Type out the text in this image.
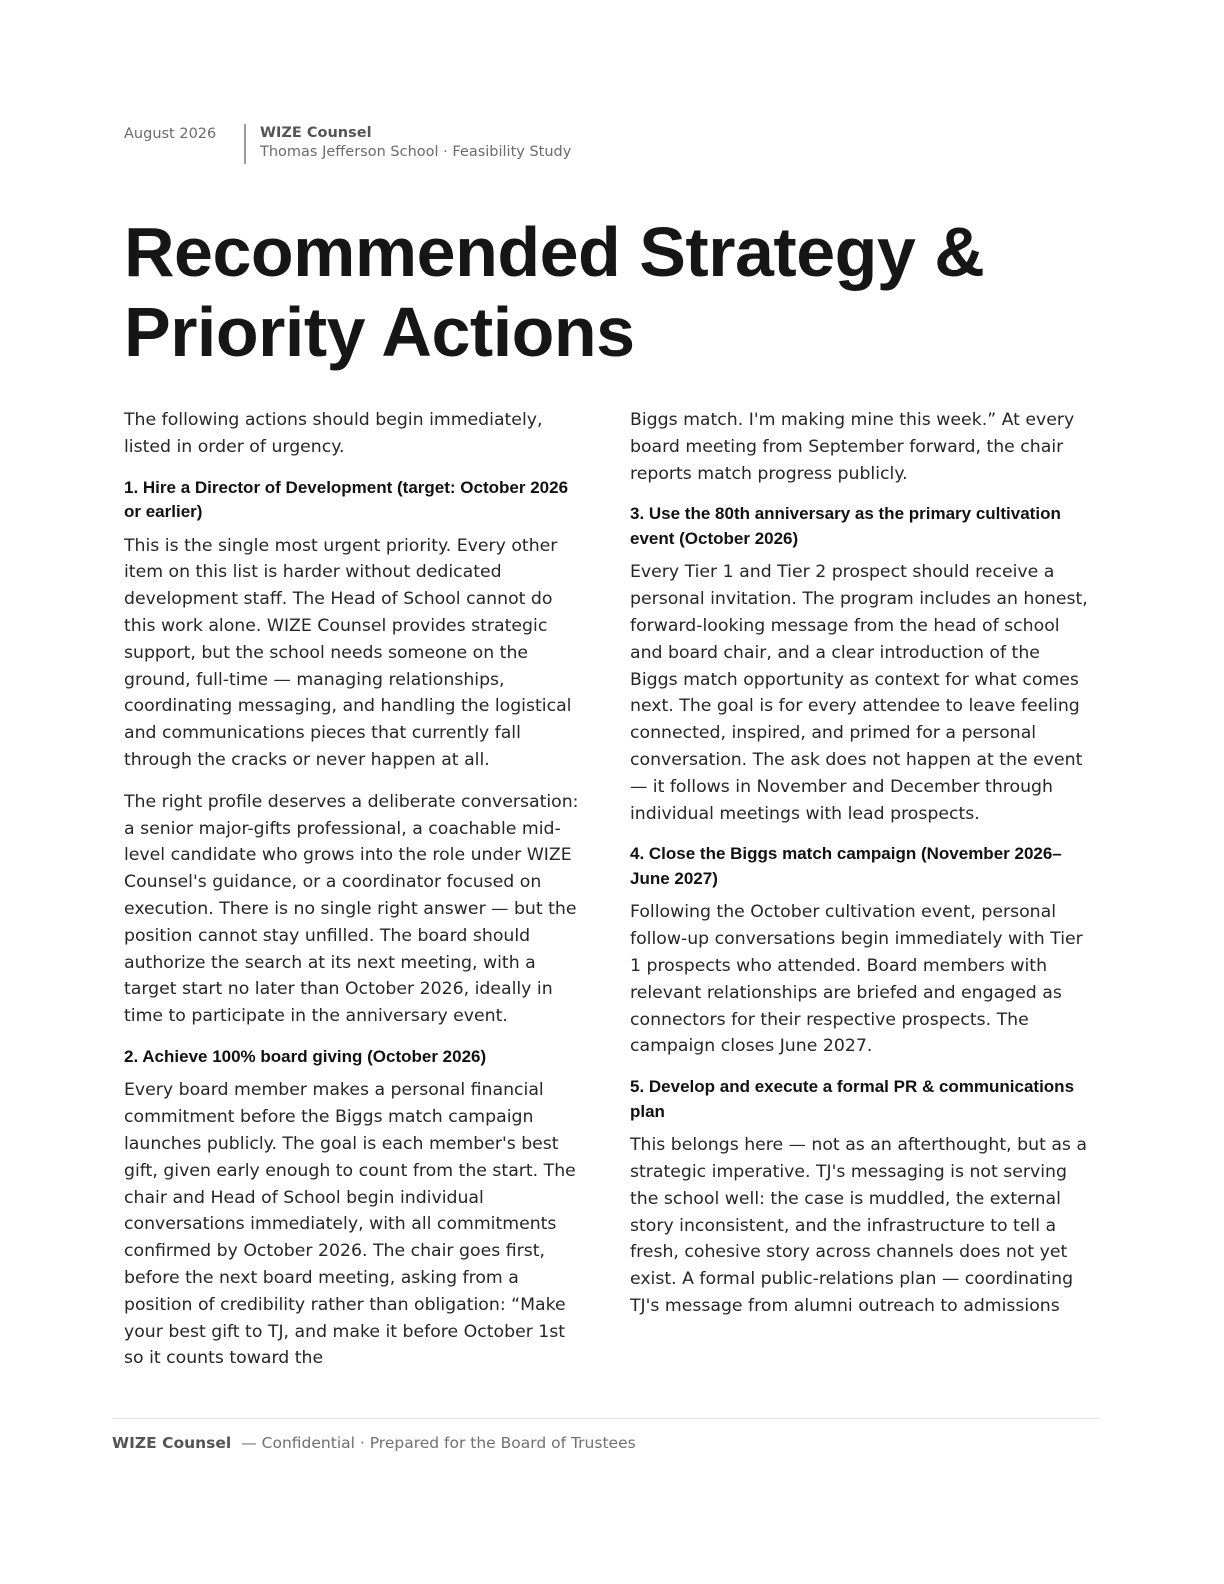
August 2026	WIZE Counsel
Thomas Jefferson School · Feasibility Study
Recommended Strategy & Priority Actions

The following actions should begin immediately, listed in order of urgency.

1. Hire a Director of Development (target: October 2026 or earlier)

This is the single most urgent priority. Every other item on this list is harder without dedicated development staff. The Head of School cannot do this work alone. WIZE Counsel provides strategic support, but the school needs someone on the ground, full-time — managing relationships, coordinating messaging, and handling the logistical and communications pieces that currently fall through the cracks or never happen at all.

The right profile deserves a deliberate conversation: a senior major-gifts professional, a coachable mid-level candidate who grows into the role under WIZE Counsel's guidance, or a coordinator focused on execution. There is no single right answer — but the position cannot stay unfilled. The board should authorize the search at its next meeting, with a target start no later than October 2026, ideally in time to participate in the anniversary event.

2. Achieve 100% board giving (October 2026)

Every board member makes a personal financial commitment before the Biggs match campaign launches publicly. The goal is each member's best gift, given early enough to count from the start. The chair and Head of School begin individual conversations immediately, with all commitments confirmed by October 2026. The chair goes first, before the next board meeting, asking from a position of credibility rather than obligation: “Make your best gift to TJ, and make it before October 1st so it counts toward the

Biggs match. I'm making mine this week.” At every board meeting from September forward, the chair reports match progress publicly.

3. Use the 80th anniversary as the primary cultivation event (October 2026)

Every Tier 1 and Tier 2 prospect should receive a personal invitation. The program includes an honest, forward-looking message from the head of school and board chair, and a clear introduction of the Biggs match opportunity as context for what comes next. The goal is for every attendee to leave feeling connected, inspired, and primed for a personal conversation. The ask does not happen at the event — it follows in November and December through individual meetings with lead prospects.

4. Close the Biggs match campaign (November 2026–June 2027)

Following the October cultivation event, personal follow-up conversations begin immediately with Tier 1 prospects who attended. Board members with relevant relationships are briefed and engaged as connectors for their respective prospects. The campaign closes June 2027.

5. Develop and execute a formal PR & communications plan

This belongs here — not as an afterthought, but as a strategic imperative. TJ's messaging is not serving the school well: the case is muddled, the external story inconsistent, and the infrastructure to tell a fresh, cohesive story across channels does not yet exist. A formal public-relations plan — coordinating TJ's message from alumni outreach to admissions

WIZE Counsel — Confidential · Prepared for the Board of Trustees
